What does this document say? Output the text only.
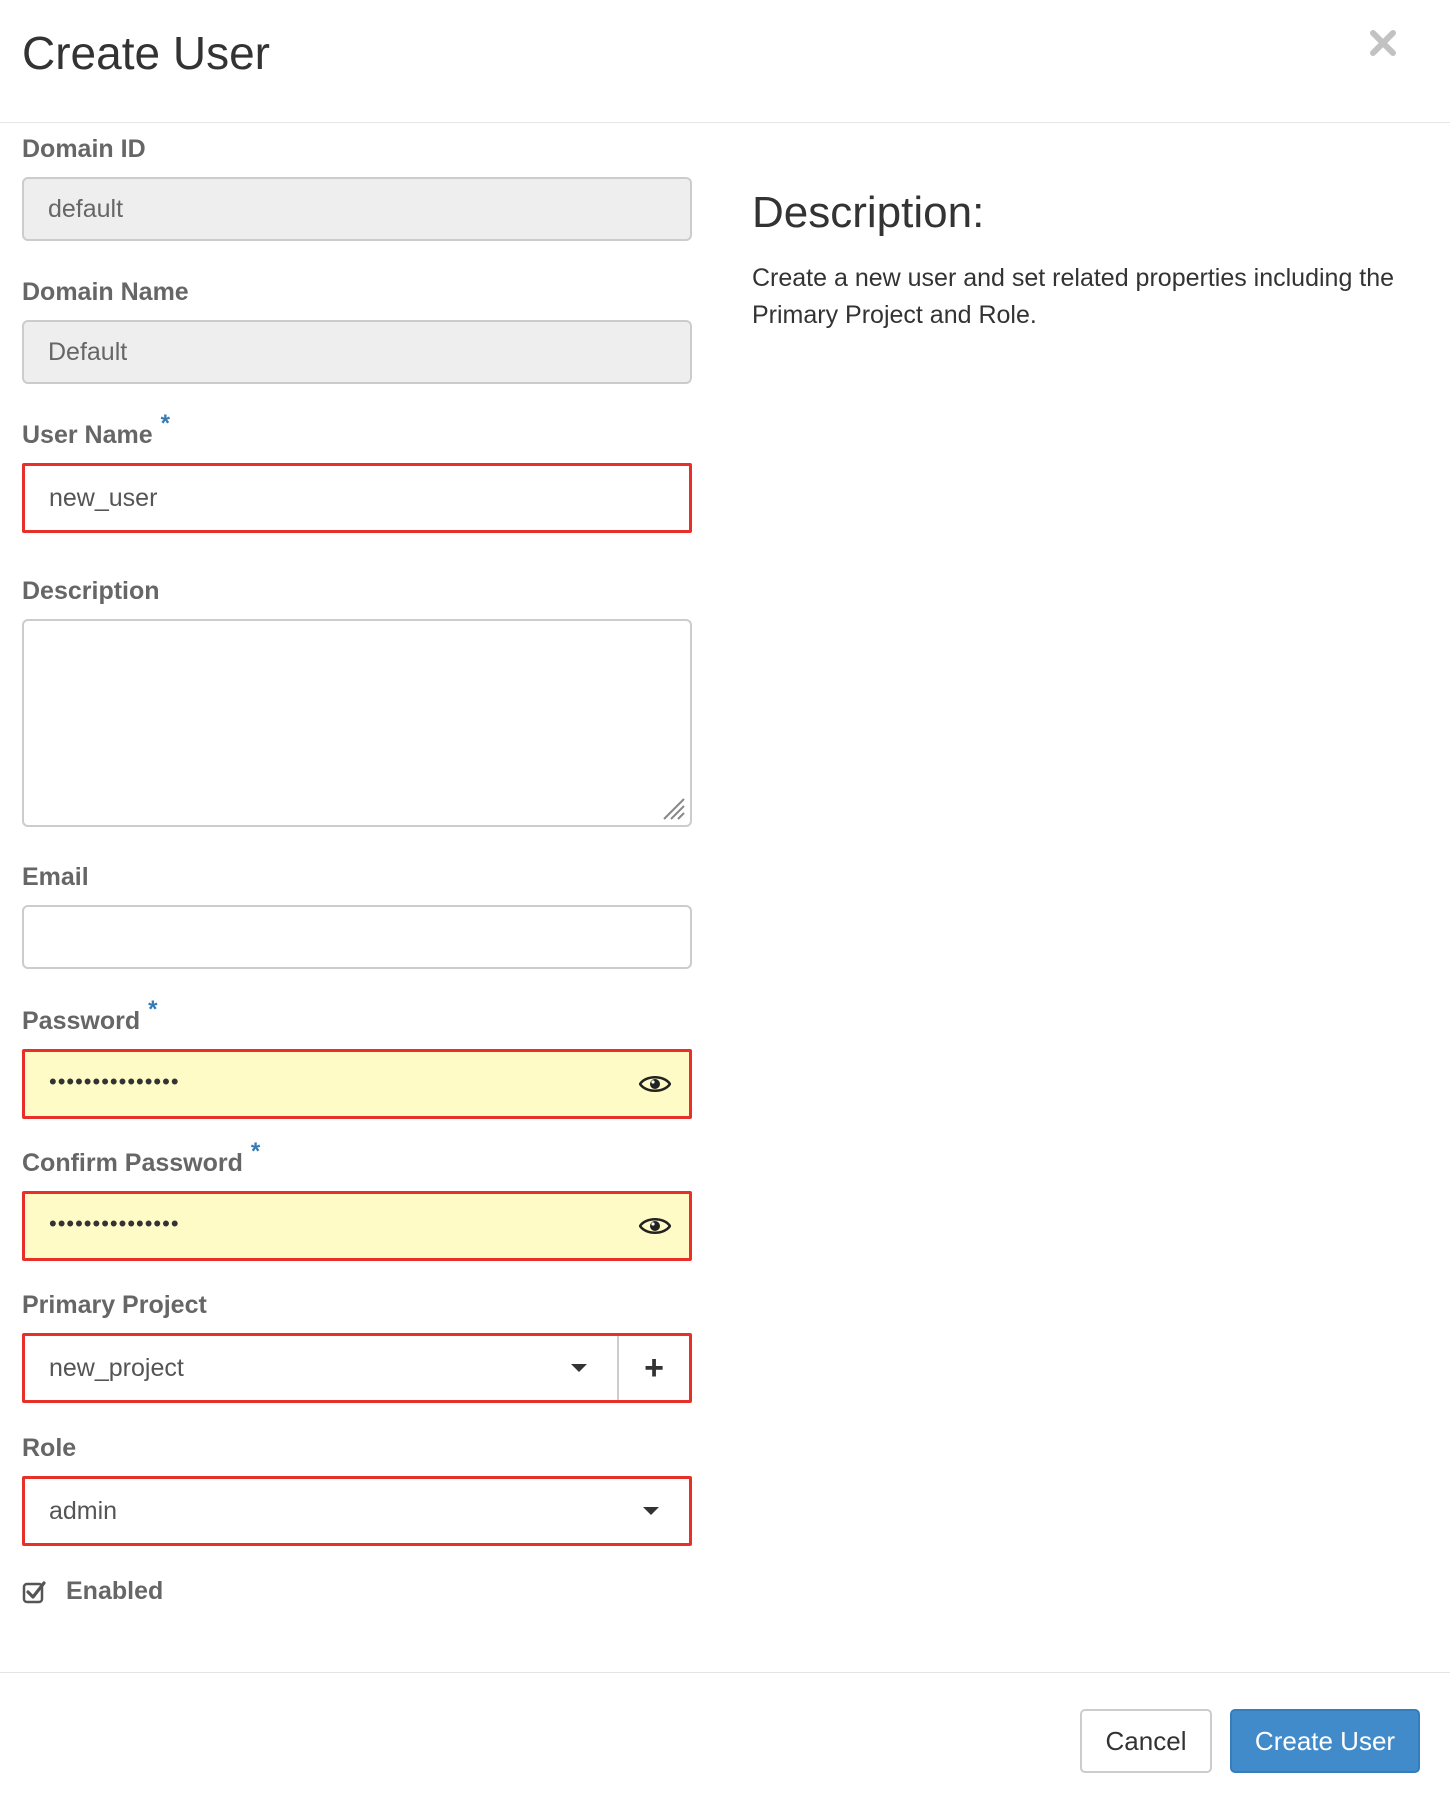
Create User
Domain ID
default
Domain Name
Default
User Name *
new_user
Description
Email
Password *
•••••••••••••••
Confirm Password *
•••••••••••••••
Primary Project
new_project	+
Role
admin
Enabled
Description:
Create a new user and set related properties including the Primary Project and Role.
Cancel	Create User
